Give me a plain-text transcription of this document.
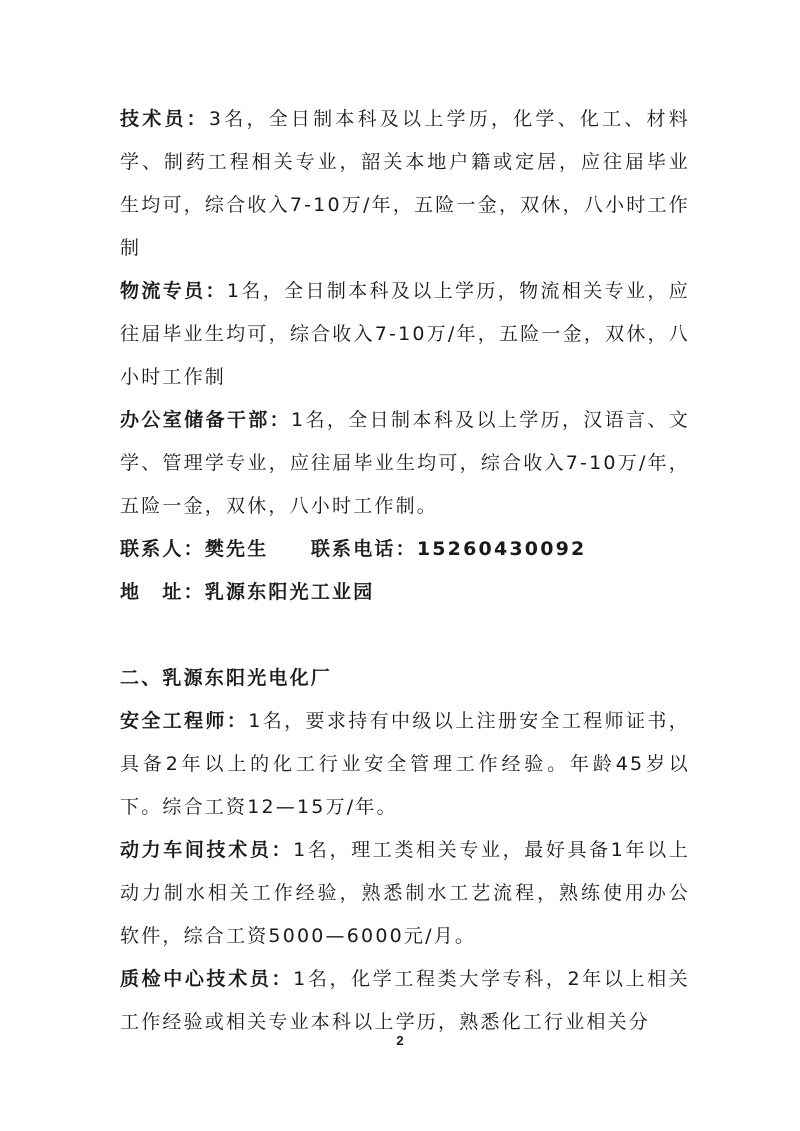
技术员：3名，全日制本科及以上学历，化学、化工、材料学、制药工程相关专业，韶关本地户籍或定居，应往届毕业生均可，综合收入7-10万/年，五险一金，双休，八小时工作制

物流专员：1名，全日制本科及以上学历，物流相关专业，应往届毕业生均可，综合收入7-10万/年，五险一金，双休，八小时工作制

办公室储备干部：1名，全日制本科及以上学历，汉语言、文学、管理学专业，应往届毕业生均可，综合收入7-10万/年，五险一金，双休，八小时工作制。

联系人：樊先生   联系电话：15260430092

地　址：乳源东阳光工业园

二、乳源东阳光电化厂

安全工程师：1名，要求持有中级以上注册安全工程师证书，具备2年以上的化工行业安全管理工作经验。年龄45岁以下。综合工资12—15万/年。

动力车间技术员：1名，理工类相关专业，最好具备1年以上动力制水相关工作经验，熟悉制水工艺流程，熟练使用办公软件，综合工资5000—6000元/月。

质检中心技术员：1名，化学工程类大学专科，2年以上相关工作经验或相关专业本科以上学历，熟悉化工行业相关分

2
